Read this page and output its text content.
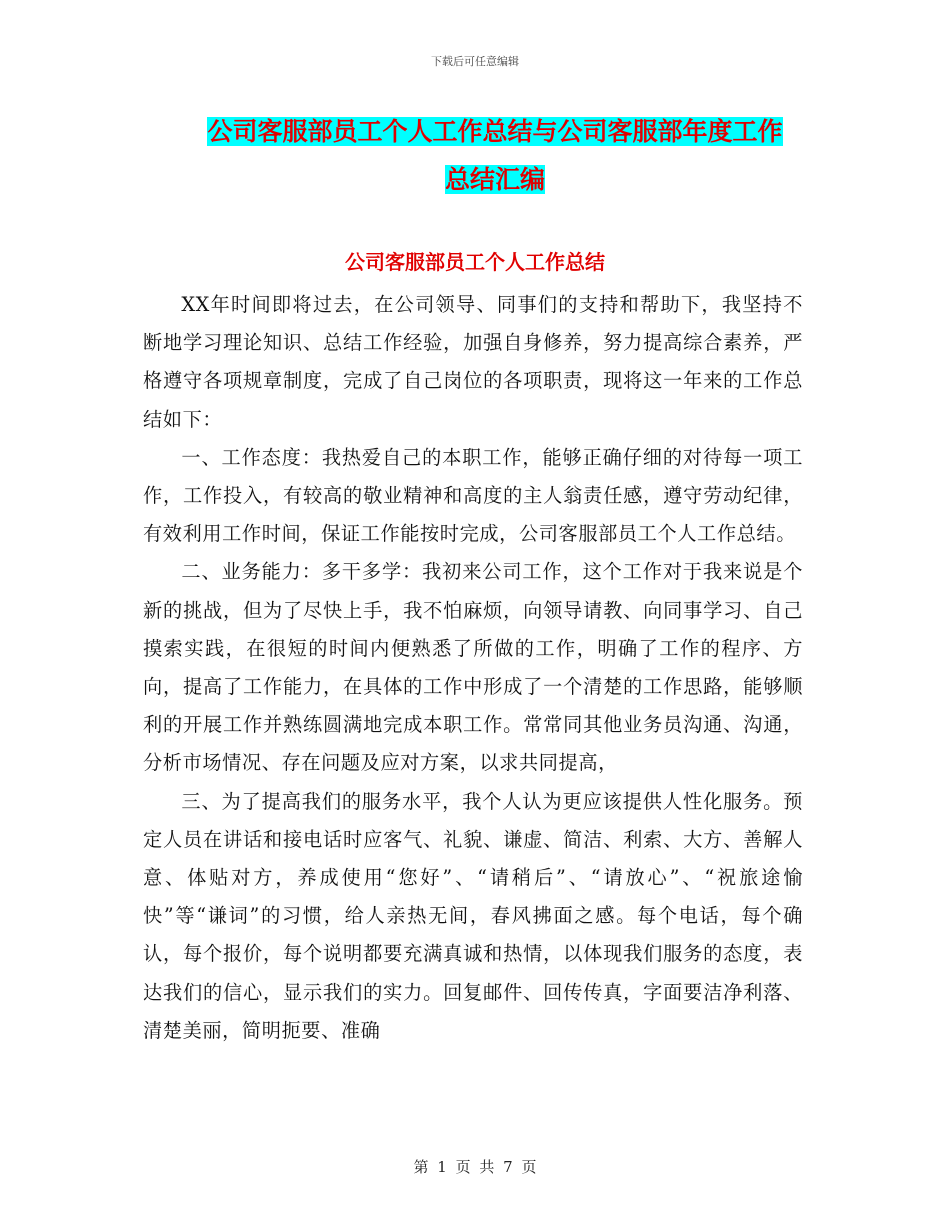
下载后可任意编辑
公司客服部员工个人工作总结与公司客服部年度工作
总结汇编
公司客服部员工个人工作总结

XX年时间即将过去，在公司领导、同事们的支持和帮助下，我坚持不断地学习理论知识、总结工作经验，加强自身修养，努力提高综合素养，严格遵守各项规章制度，完成了自己岗位的各项职责，现将这一年来的工作总结如下：

一、工作态度：我热爱自己的本职工作，能够正确仔细的对待每一项工作，工作投入，有较高的敬业精神和高度的主人翁责任感，遵守劳动纪律，有效利用工作时间，保证工作能按时完成，公司客服部员工个人工作总结。

二、业务能力：多干多学：我初来公司工作，这个工作对于我来说是个新的挑战，但为了尽快上手，我不怕麻烦，向领导请教、向同事学习、自己摸索实践，在很短的时间内便熟悉了所做的工作，明确了工作的程序、方向，提高了工作能力，在具体的工作中形成了一个清楚的工作思路，能够顺利的开展工作并熟练圆满地完成本职工作。常常同其他业务员沟通、沟通，分析市场情况、存在问题及应对方案，以求共同提高，

三、为了提高我们的服务水平，我个人认为更应该提供人性化服务。预定人员在讲话和接电话时应客气、礼貌、谦虚、简洁、利索、大方、善解人意、体贴对方，养成使用“您好”、“请稍后”、“请放心”、“祝旅途愉快”等“谦词”的习惯，给人亲热无间，春风拂面之感。每个电话，每个确认，每个报价，每个说明都要充满真诚和热情，以体现我们服务的态度，表达我们的信心，显示我们的实力。回复邮件、回传传真，字面要洁净利落、清楚美丽，简明扼要、准确

第 1 页 共 7 页
